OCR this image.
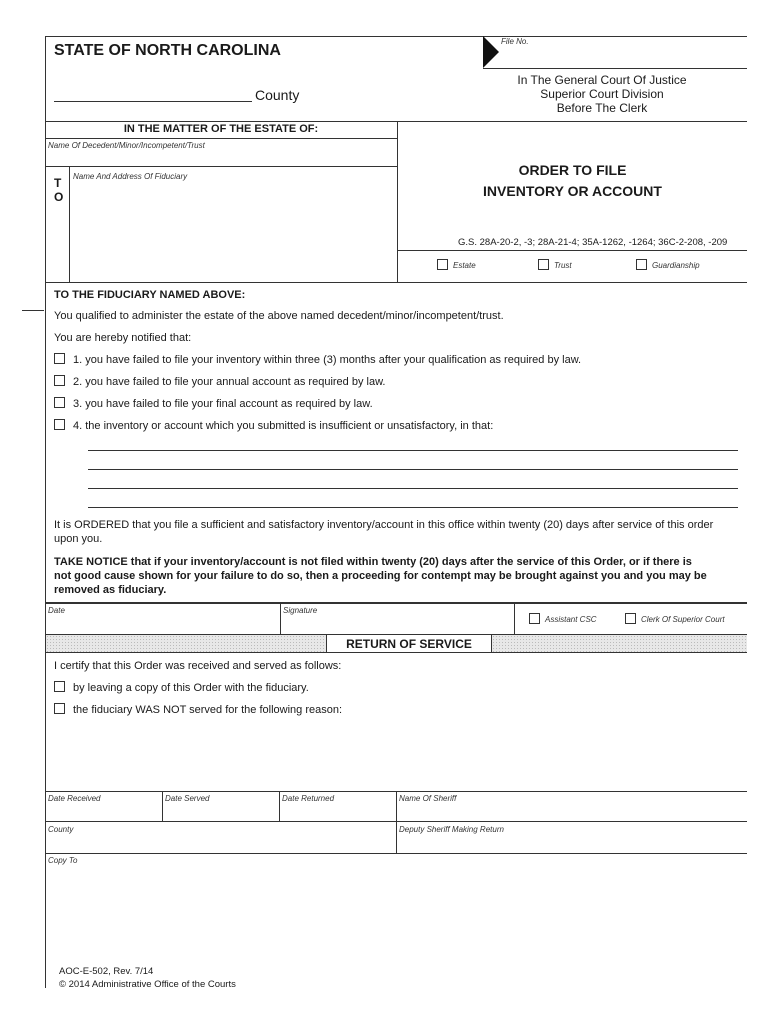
STATE OF NORTH CAROLINA
File No.
County
In The General Court Of Justice
Superior Court Division
Before The Clerk
IN THE MATTER OF THE ESTATE OF:
Name Of Decedent/Minor/Incompetent/Trust
T
O
Name And Address Of Fiduciary	ORDER TO FILE
INVENTORY OR ACCOUNT
G.S. 28A-20-2, -3; 28A-21-4; 35A-1262, -1264; 36C-2-208, -209
Estate	Trust	Guardianship
TO THE FIDUCIARY NAMED ABOVE:
You qualified to administer the estate of the above named decedent/minor/incompetent/trust.
You are hereby notified that:
1. you have failed to file your inventory within three (3) months after your qualification as required by law.
2. you have failed to file your annual account as required by law.
3. you have failed to file your final account as required by law.
4. the inventory or account which you submitted is insufficient or unsatisfactory, in that:
It is ORDERED that you file a sufficient and satisfactory inventory/account in this office within twenty (20) days after service of this order
upon you.
TAKE NOTICE that if your inventory/account is not filed within twenty (20) days after the service of this Order, or if there is
not good cause shown for your failure to do so, then a proceeding for contempt may be brought against you and you may be
removed as fiduciary.
Date	Signature
Assistant CSC	Clerk Of Superior Court
RETURN OF SERVICE
I certify that this Order was received and served as follows:
by leaving a copy of this Order with the fiduciary.
the fiduciary WAS NOT served for the following reason:
Date Received	Date Served	Date Returned	Name Of Sheriff
County	Deputy Sheriff Making Return
Copy To
AOC-E-502, Rev. 7/14
© 2014 Administrative Office of the Courts
